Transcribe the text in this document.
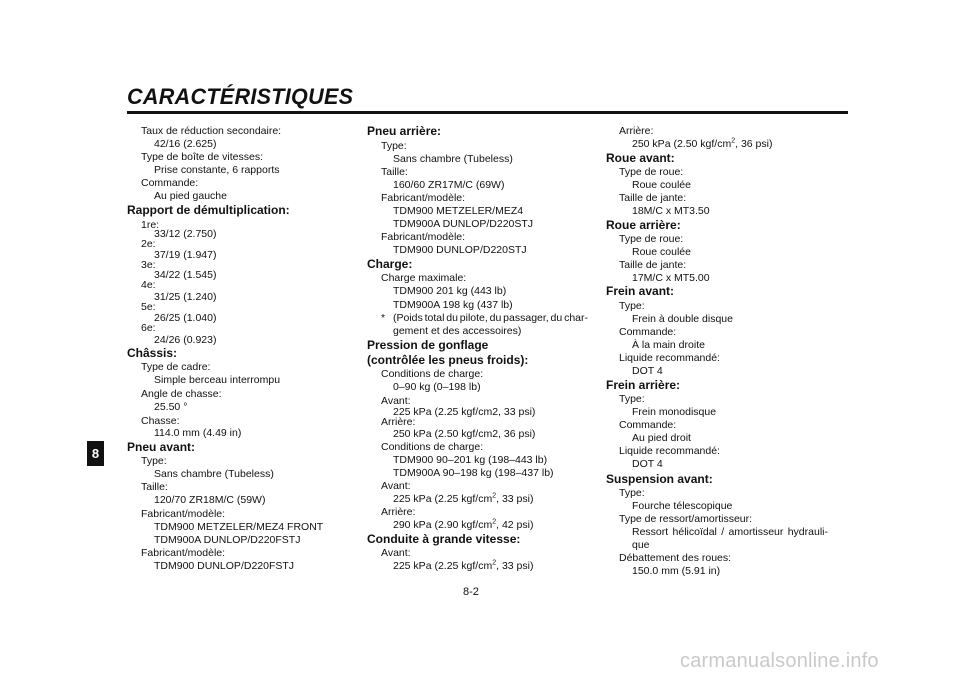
CARACTÉRISTIQUES
8
8-2
carmanualsonline.info
Taux de réduction secondaire:
42/16 (2.625)
Type de boîte de vitesses:
Prise constante, 6 rapports
Commande:
Au pied gauche
Rapport de démultiplication:
1re:
33/12 (2.750)
2e:
37/19 (1.947)
3e:
34/22 (1.545)
4e:
31/25 (1.240)
5e:
26/25 (1.040)
6e:
24/26 (0.923)
Châssis:
Type de cadre:
Simple berceau interrompu
Angle de chasse:
25.50 °
Chasse:
114.0 mm (4.49 in)
Pneu avant:
Type:
Sans chambre (Tubeless)
Taille:
120/70 ZR18M/C (59W)
Fabricant/modèle:
TDM900 METZELER/MEZ4 FRONT
TDM900A DUNLOP/D220FSTJ
Fabricant/modèle:
TDM900 DUNLOP/D220FSTJ
Pneu arrière:
Type:
Sans chambre (Tubeless)
Taille:
160/60 ZR17M/C (69W)
Fabricant/modèle:
TDM900 METZELER/MEZ4
TDM900A DUNLOP/D220STJ
Fabricant/modèle:
TDM900 DUNLOP/D220STJ
Charge:
Charge maximale:
TDM900 201 kg (443 lb)
TDM900A 198 kg (437 lb)
* (Poids total du pilote, du passager, du char-
gement et des accessoires)
Pression de gonflage
(contrôlée les pneus froids):
Conditions de charge:
0–90 kg (0–198 lb)
Avant:
225 kPa (2.25 kgf/cm2, 33 psi)
Arrière:
250 kPa (2.50 kgf/cm2, 36 psi)
Conditions de charge:
TDM900 90–201 kg (198–443 lb)
TDM900A 90–198 kg (198–437 lb)
Avant:
225 kPa (2.25 kgf/$cm^2$, 33 psi)
Arrière:
290 kPa (2.90 kgf/$cm^2$, 42 psi)
Conduite à grande vitesse:
Avant:
225 kPa (2.25 kgf/$cm^2$, 33 psi)
Arrière:
250 kPa (2.50 kgf/$cm^2$, 36 psi)
Roue avant:
Type de roue:
Roue coulée
Taille de jante:
18M/C x MT3.50
Roue arrière:
Type de roue:
Roue coulée
Taille de jante:
17M/C x MT5.00
Frein avant:
Type:
Frein à double disque
Commande:
À la main droite
Liquide recommandé:
DOT 4
Frein arrière:
Type:
Frein monodisque
Commande:
Au pied droit
Liquide recommandé:
DOT 4
Suspension avant:
Type:
Fourche télescopique
Type de ressort/amortisseur:
Ressort hélicoïdal / amortisseur hydrauli-
que
Débattement des roues:
150.0 mm (5.91 in)
